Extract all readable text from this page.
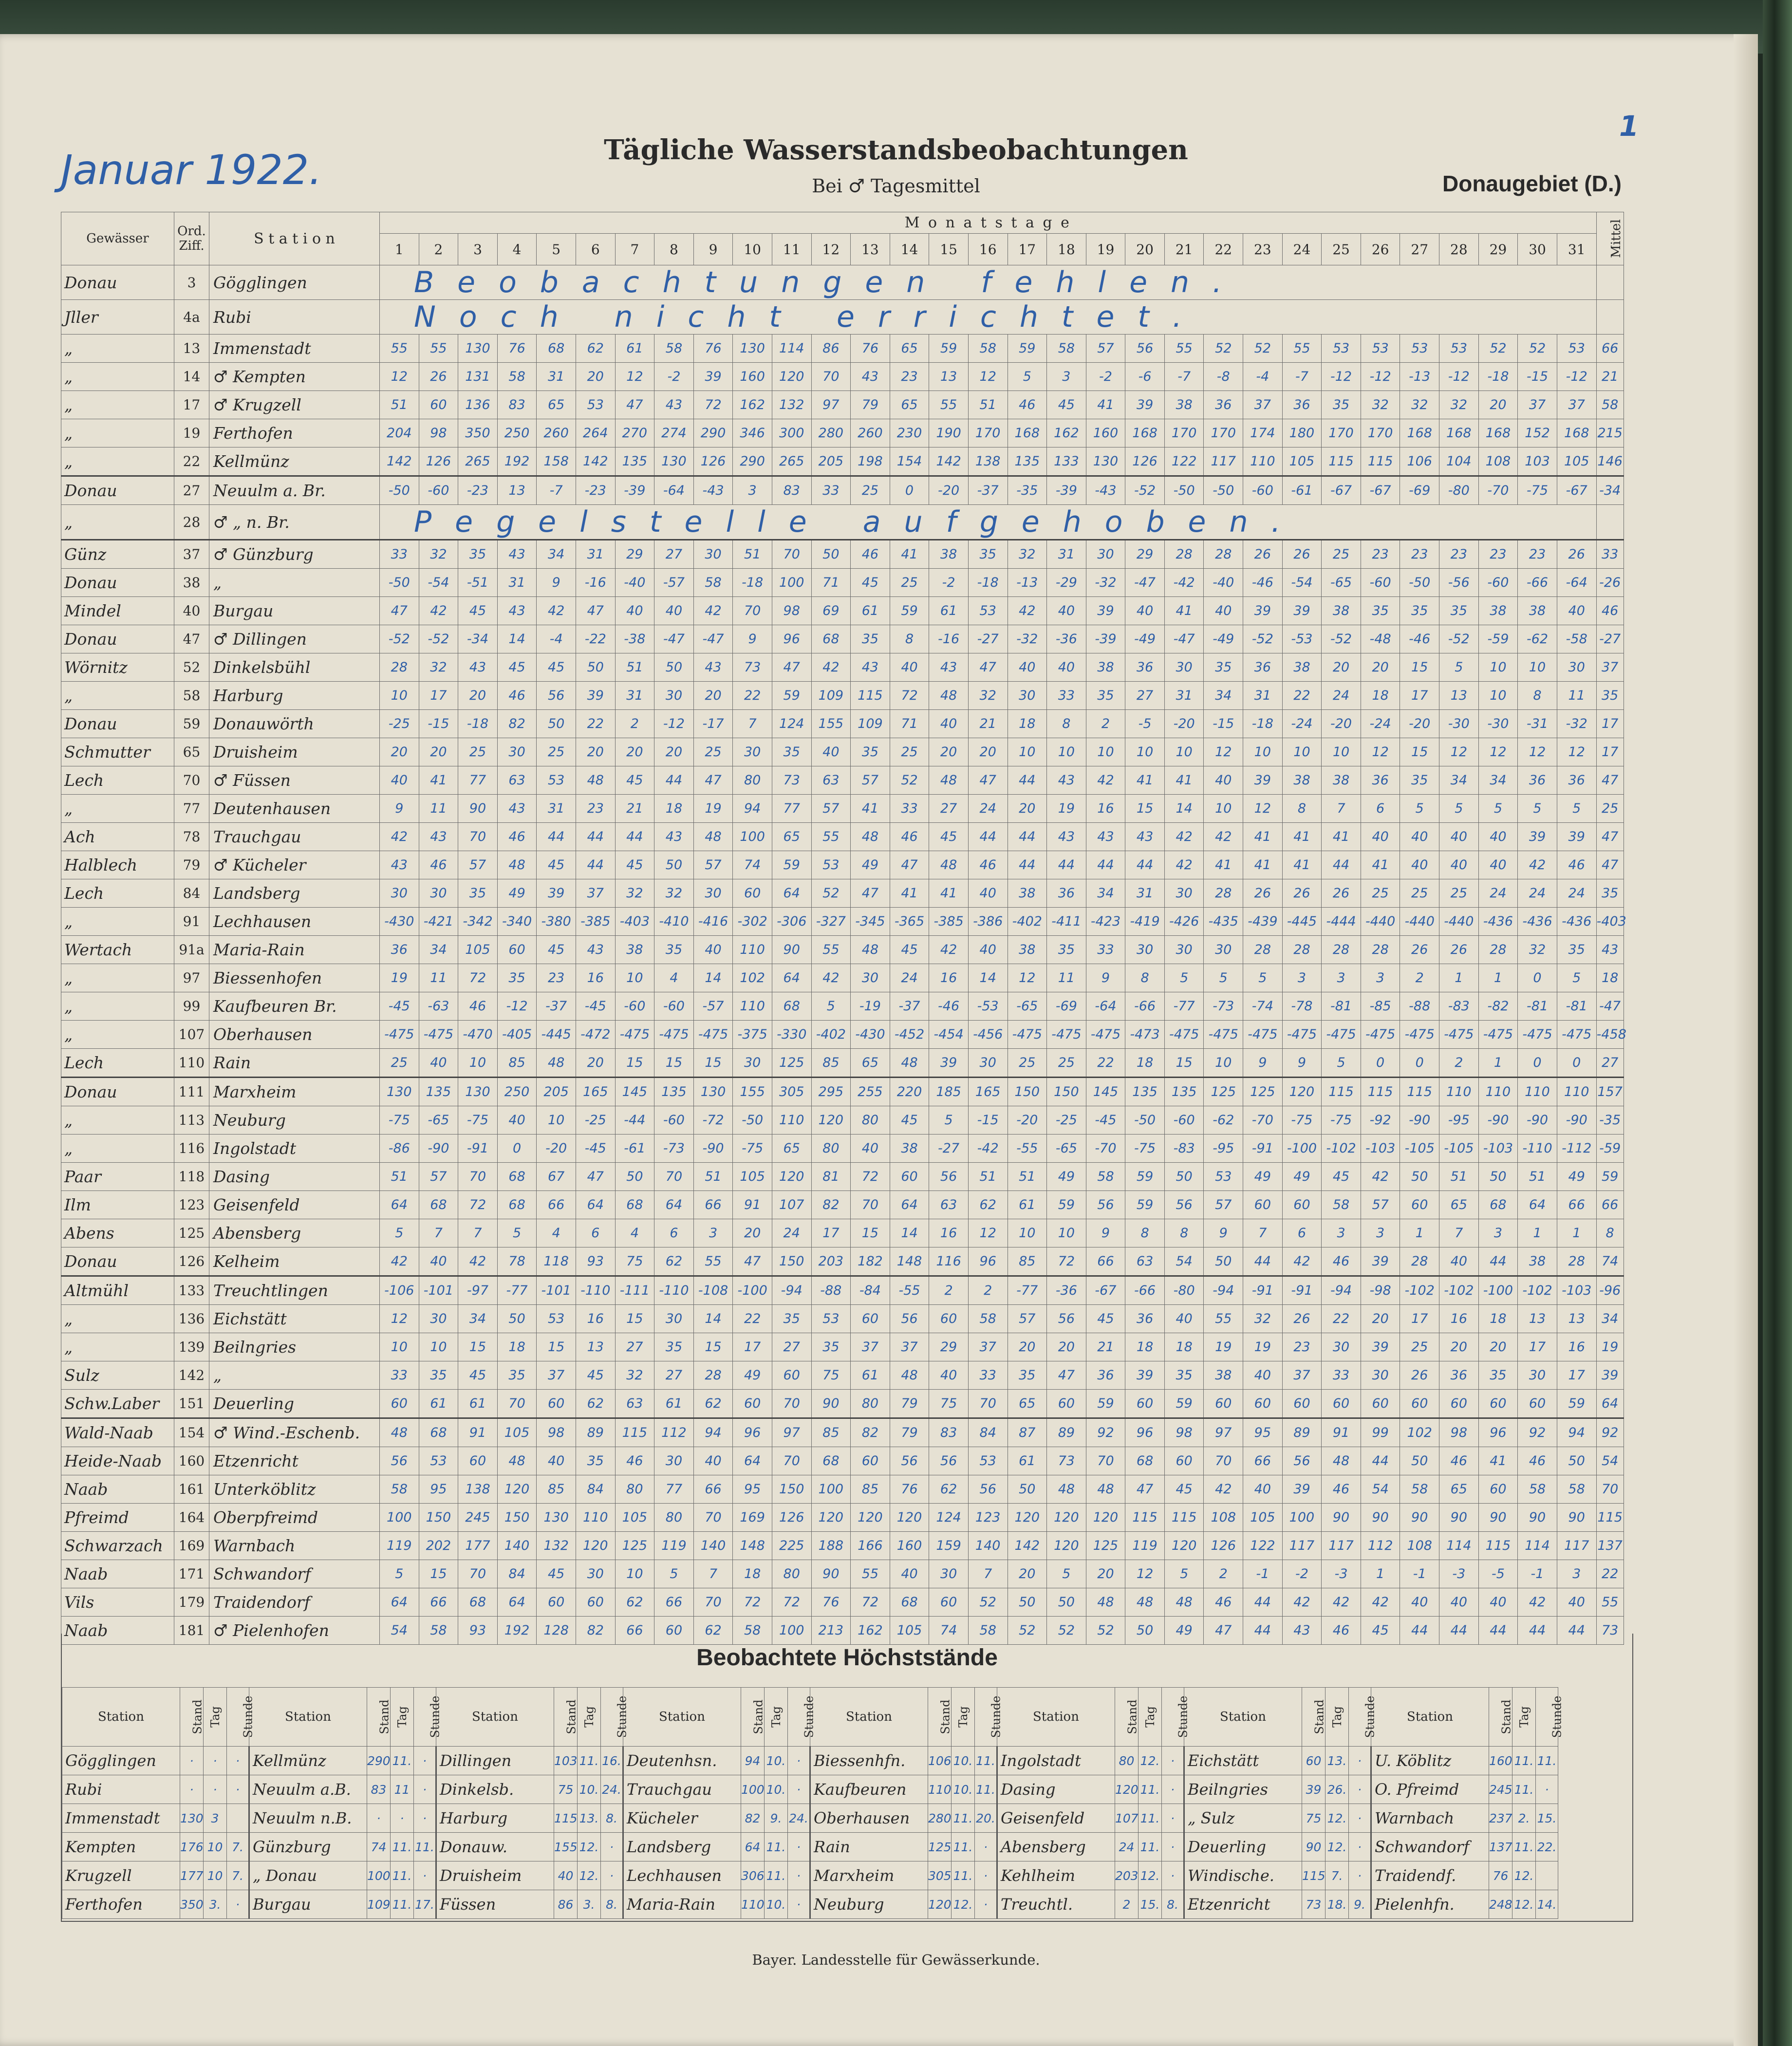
Tägliche Wasserstandsbeobachtungen
Bei ♂ Tagesmittel
Januar 1922.	Donaugebiet (D.)
1
Gewässer	Ord. Ziff.	S t a t i o n	M o n a t s t a g e																															Mittel
			1	2	3	4	5	6	7	8	9	10	11	12	13	14	15	16	17	18	19	20	21	22	23	24	25	26	27	28	29	30	31	
Donau	3	Gögglingen	Beobachtungen fehlen.																															
Jller	4a	Rubi	Noch nicht errichtet.																															
„	13	Immenstadt	55	55	130	76	68	62	61	58	76	130	114	86	76	65	59	58	59	58	57	56	55	52	52	55	53	53	53	53	52	52	53	66
„	14	♂ Kempten	12	26	131	58	31	20	12	-2	39	160	120	70	43	23	13	12	5	3	-2	-6	-7	-8	-4	-7	-12	-12	-13	-12	-18	-15	-12	21
„	17	♂ Krugzell	51	60	136	83	65	53	47	43	72	162	132	97	79	65	55	51	46	45	41	39	38	36	37	36	35	32	32	32	20	37	37	58
„	19	Ferthofen	204	98	350	250	260	264	270	274	290	346	300	280	260	230	190	170	168	162	160	168	170	170	174	180	170	170	168	168	168	152	168	215
„	22	Kellmünz	142	126	265	192	158	142	135	130	126	290	265	205	198	154	142	138	135	133	130	126	122	117	110	105	115	115	106	104	108	103	105	146
Donau	27	Neuulm a. Br.	-50	-60	-23	13	-7	-23	-39	-64	-43	3	83	33	25	0	-20	-37	-35	-39	-43	-52	-50	-50	-60	-61	-67	-67	-69	-80	-70	-75	-67	-34
„	28	♂ „ n. Br.	Pegelstelle aufgehoben.																															
Günz	37	♂ Günzburg	33	32	35	43	34	31	29	27	30	51	70	50	46	41	38	35	32	31	30	29	28	28	26	26	25	23	23	23	23	23	26	33
Donau	38	„	-50	-54	-51	31	9	-16	-40	-57	58	-18	100	71	45	25	-2	-18	-13	-29	-32	-47	-42	-40	-46	-54	-65	-60	-50	-56	-60	-66	-64	-26
Mindel	40	Burgau	47	42	45	43	42	47	40	40	42	70	98	69	61	59	61	53	42	40	39	40	41	40	39	39	38	35	35	35	38	38	40	46
Donau	47	♂ Dillingen	-52	-52	-34	14	-4	-22	-38	-47	-47	9	96	68	35	8	-16	-27	-32	-36	-39	-49	-47	-49	-52	-53	-52	-48	-46	-52	-59	-62	-58	-27
Wörnitz	52	Dinkelsbühl	28	32	43	45	45	50	51	50	43	73	47	42	43	40	43	47	40	40	38	36	30	35	36	38	20	20	15	5	10	10	30	37
„	58	Harburg	10	17	20	46	56	39	31	30	20	22	59	109	115	72	48	32	30	33	35	27	31	34	31	22	24	18	17	13	10	8	11	35
Donau	59	Donauwörth	-25	-15	-18	82	50	22	2	-12	-17	7	124	155	109	71	40	21	18	8	2	-5	-20	-15	-18	-24	-20	-24	-20	-30	-30	-31	-32	17
Schmutter	65	Druisheim	20	20	25	30	25	20	20	20	25	30	35	40	35	25	20	20	10	10	10	10	10	12	10	10	10	12	15	12	12	12	12	17
Lech	70	♂ Füssen	40	41	77	63	53	48	45	44	47	80	73	63	57	52	48	47	44	43	42	41	41	40	39	38	38	36	35	34	34	36	36	47
„	77	Deutenhausen	9	11	90	43	31	23	21	18	19	94	77	57	41	33	27	24	20	19	16	15	14	10	12	8	7	6	5	5	5	5	5	25
Ach	78	Trauchgau	42	43	70	46	44	44	44	43	48	100	65	55	48	46	45	44	44	43	43	43	42	42	41	41	41	40	40	40	40	39	39	47
Halblech	79	♂ Kücheler	43	46	57	48	45	44	45	50	57	74	59	53	49	47	48	46	44	44	44	44	42	41	41	41	44	41	40	40	40	42	46	47
Lech	84	Landsberg	30	30	35	49	39	37	32	32	30	60	64	52	47	41	41	40	38	36	34	31	30	28	26	26	26	25	25	25	24	24	24	35
„	91	Lechhausen	-430	-421	-342	-340	-380	-385	-403	-410	-416	-302	-306	-327	-345	-365	-385	-386	-402	-411	-423	-419	-426	-435	-439	-445	-444	-440	-440	-440	-436	-436	-436	-403
Wertach	91a	Maria-Rain	36	34	105	60	45	43	38	35	40	110	90	55	48	45	42	40	38	35	33	30	30	30	28	28	28	28	26	26	28	32	35	43
„	97	Biessenhofen	19	11	72	35	23	16	10	4	14	102	64	42	30	24	16	14	12	11	9	8	5	5	5	3	3	3	2	1	1	0	5	18
„	99	Kaufbeuren Br.	-45	-63	46	-12	-37	-45	-60	-60	-57	110	68	5	-19	-37	-46	-53	-65	-69	-64	-66	-77	-73	-74	-78	-81	-85	-88	-83	-82	-81	-81	-47
„	107	Oberhausen	-475	-475	-470	-405	-445	-472	-475	-475	-475	-375	-330	-402	-430	-452	-454	-456	-475	-475	-475	-473	-475	-475	-475	-475	-475	-475	-475	-475	-475	-475	-475	-458
Lech	110	Rain	25	40	10	85	48	20	15	15	15	30	125	85	65	48	39	30	25	25	22	18	15	10	9	9	5	0	0	2	1	0	0	27
Donau	111	Marxheim	130	135	130	250	205	165	145	135	130	155	305	295	255	220	185	165	150	150	145	135	135	125	125	120	115	115	115	110	110	110	110	157
„	113	Neuburg	-75	-65	-75	40	10	-25	-44	-60	-72	-50	110	120	80	45	5	-15	-20	-25	-45	-50	-60	-62	-70	-75	-75	-92	-90	-95	-90	-90	-90	-35
„	116	Ingolstadt	-86	-90	-91	0	-20	-45	-61	-73	-90	-75	65	80	40	38	-27	-42	-55	-65	-70	-75	-83	-95	-91	-100	-102	-103	-105	-105	-103	-110	-112	-59
Paar	118	Dasing	51	57	70	68	67	47	50	70	51	105	120	81	72	60	56	51	51	49	58	59	50	53	49	49	45	42	50	51	50	51	49	59
Ilm	123	Geisenfeld	64	68	72	68	66	64	68	64	66	91	107	82	70	64	63	62	61	59	56	59	56	57	60	60	58	57	60	65	68	64	66	66
Abens	125	Abensberg	5	7	7	5	4	6	4	6	3	20	24	17	15	14	16	12	10	10	9	8	8	9	7	6	3	3	1	7	3	1	1	8
Donau	126	Kelheim	42	40	42	78	118	93	75	62	55	47	150	203	182	148	116	96	85	72	66	63	54	50	44	42	46	39	28	40	44	38	28	74
Altmühl	133	Treuchtlingen	-106	-101	-97	-77	-101	-110	-111	-110	-108	-100	-94	-88	-84	-55	2	2	-77	-36	-67	-66	-80	-94	-91	-91	-94	-98	-102	-102	-100	-102	-103	-96
„	136	Eichstätt	12	30	34	50	53	16	15	30	14	22	35	53	60	56	60	58	57	56	45	36	40	55	32	26	22	20	17	16	18	13	13	34
„	139	Beilngries	10	10	15	18	15	13	27	35	15	17	27	35	37	37	29	37	20	20	21	18	18	19	19	23	30	39	25	20	20	17	16	19
Sulz	142	„	33	35	45	35	37	45	32	27	28	49	60	75	61	48	40	33	35	47	36	39	35	38	40	37	33	30	26	36	35	30	17	39
Schw.Laber	151	Deuerling	60	61	61	70	60	62	63	61	62	60	70	90	80	79	75	70	65	60	59	60	59	60	60	60	60	60	60	60	60	60	59	64
Wald-Naab	154	♂ Wind.-Eschenb.	48	68	91	105	98	89	115	112	94	96	97	85	82	79	83	84	87	89	92	96	98	97	95	89	91	99	102	98	96	92	94	92
Heide-Naab	160	Etzenricht	56	53	60	48	40	35	46	30	40	64	70	68	60	56	56	53	61	73	70	68	60	70	66	56	48	44	50	46	41	46	50	54
Naab	161	Unterköblitz	58	95	138	120	85	84	80	77	66	95	150	100	85	76	62	56	50	48	48	47	45	42	40	39	46	54	58	65	60	58	58	70
Pfreimd	164	Oberpfreimd	100	150	245	150	130	110	105	80	70	169	126	120	120	120	124	123	120	120	120	115	115	108	105	100	90	90	90	90	90	90	90	115
Schwarzach	169	Warnbach	119	202	177	140	132	120	125	119	140	148	225	188	166	160	159	140	142	120	125	119	120	126	122	117	117	112	108	114	115	114	117	137
Naab	171	Schwandorf	5	15	70	84	45	30	10	5	7	18	80	90	55	40	30	7	20	5	20	12	5	2	-1	-2	-3	1	-1	-3	-5	-1	3	22
Vils	179	Traidendorf	64	66	68	64	60	60	62	66	70	72	72	76	72	68	60	52	50	50	48	48	48	46	44	42	42	42	40	40	40	42	40	55
Naab	181	♂ Pielenhofen	54	58	93	192	128	82	66	60	62	58	100	213	162	105	74	58	52	52	52	50	49	47	44	43	46	45	44	44	44	44	44	73
Beobachtete Höchststände
Station	Stand	Tag	Stunde	Station	Stand	Tag	Stunde	Station	Stand	Tag	Stunde	Station	Stand	Tag	Stunde	Station	Stand	Tag	Stunde	Station	Stand	Tag	Stunde	Station	Stand	Tag	Stunde	Station	Stand	Tag	Stunde
Gögglingen	·	·	·	Kellmünz	290	11.	·	Dillingen	103	11.	16.	Deutenhsn.	94	10.	·	Biessenhfn.	106	10.	11.	Ingolstadt	80	12.	·	Eichstätt	60	13.	·	U. Köblitz	160	11.	11.
Rubi	·	·	·	Neuulm a.B.	83	11	·	Dinkelsb.	75	10.	24.	Trauchgau	100	10.	·	Kaufbeuren	110	10.	11.	Dasing	120	11.	·	Beilngries	39	26.	·	O. Pfreimd	245	11.	·
Immenstadt	130	3		Neuulm n.B.	·	·	·	Harburg	115	13.	8.	Kücheler	82	9.	24.	Oberhausen	280	11.	20.	Geisenfeld	107	11.	·	„ Sulz	75	12.	·	Warnbach	237	2.	15.
Kempten	176	10	7.	Günzburg	74	11.	11.	Donauw.	155	12.	·	Landsberg	64	11.	·	Rain	125	11.	·	Abensberg	24	11.	·	Deuerling	90	12.	·	Schwandorf	137	11.	22.
Krugzell	177	10	7.	„ Donau	100	11.	·	Druisheim	40	12.	·	Lechhausen	306	11.	·	Marxheim	305	11.	·	Kehlheim	203	12.	·	Windische.	115	7.	·	Traidendf.	76	12.	
Ferthofen	350	3.	·	Burgau	109	11.	17.	Füssen	86	3.	8.	Maria-Rain	110	10.	·	Neuburg	120	12.	·	Treuchtl.	2	15.	8.	Etzenricht	73	18.	9.	Pielenhfn.	248	12.	14.
Bayer. Landesstelle für Gewässerkunde.
